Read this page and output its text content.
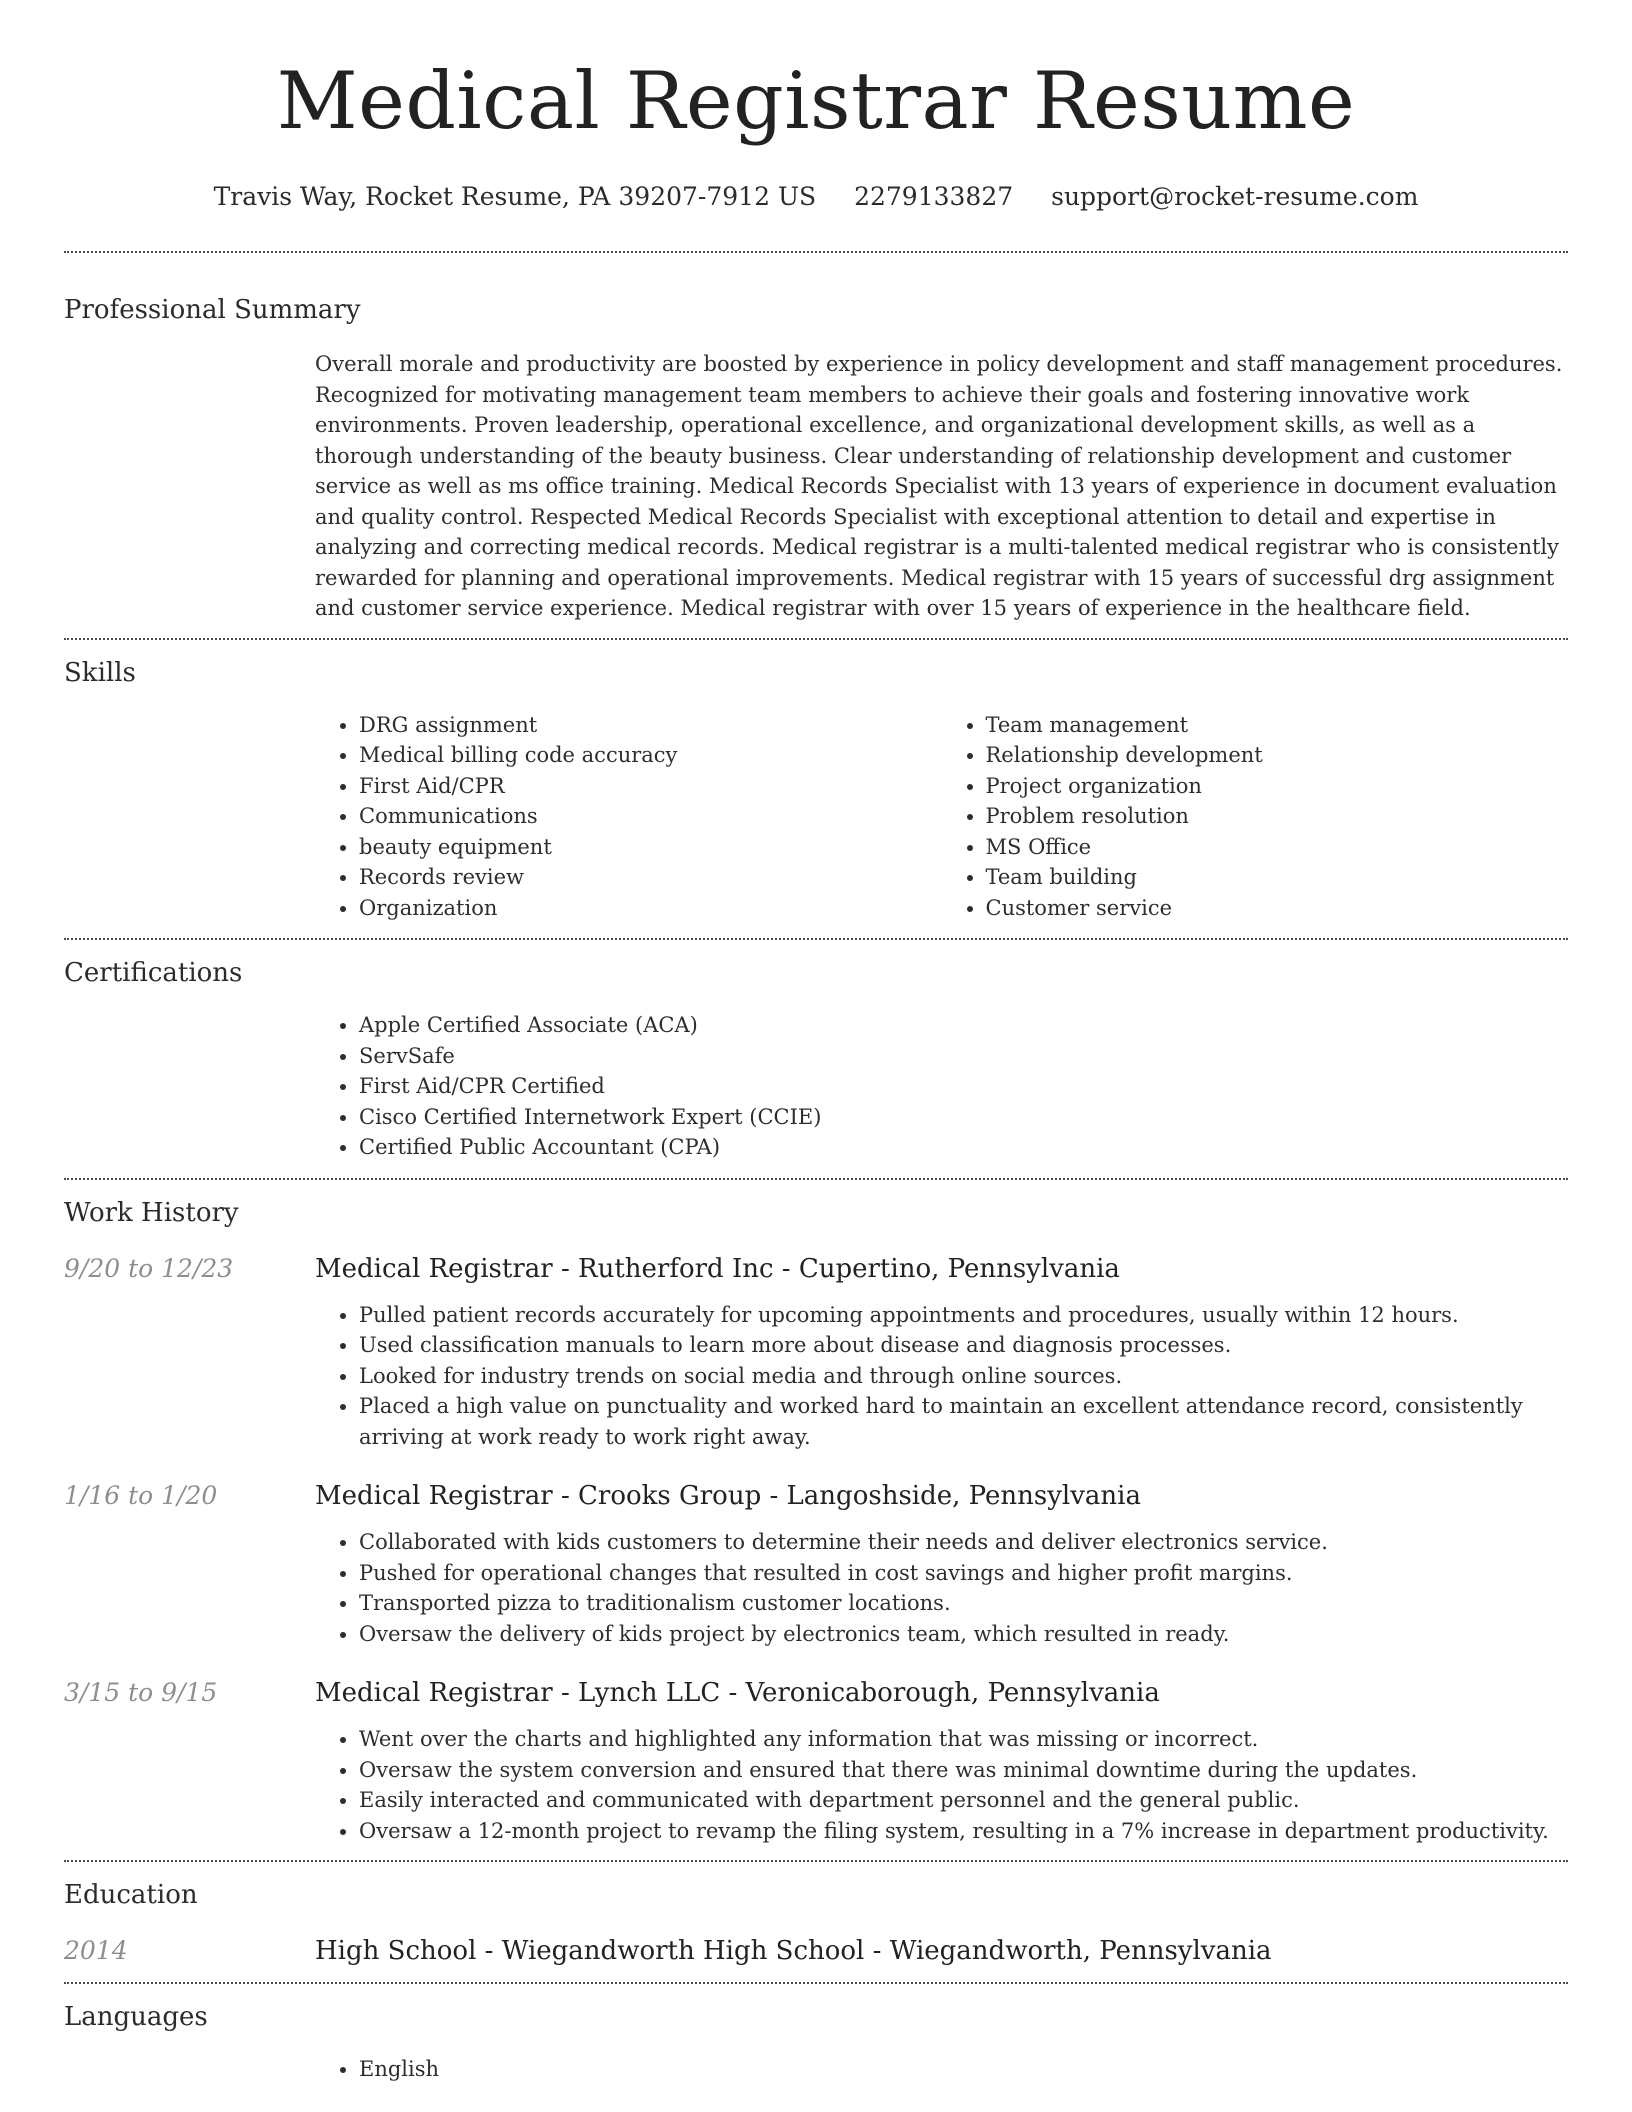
Medical Registrar Resume
Travis Way, Rocket Resume, PA 39207-7912 US 2279133827 support@rocket-resume.com
Professional Summary
Overall morale and productivity are boosted by experience in policy development and staff management procedures. Recognized for motivating management team members to achieve their goals and fostering innovative work environments. Proven leadership, operational excellence, and organizational development skills, as well as a thorough understanding of the beauty business. Clear understanding of relationship development and customer service as well as ms office training. Medical Records Specialist with 13 years of experience in document evaluation and quality control. Respected Medical Records Specialist with exceptional attention to detail and expertise in analyzing and correcting medical records. Medical registrar is a multi-talented medical registrar who is consistently rewarded for planning and operational improvements. Medical registrar with 15 years of successful drg assignment and customer service experience. Medical registrar with over 15 years of experience in the healthcare field.
Skills
• DRG assignment
• Medical billing code accuracy
• First Aid/CPR
• Communications
• beauty equipment
• Records review
• Organization
• Team management
• Relationship development
• Project organization
• Problem resolution
• MS Office
• Team building
• Customer service
Certifications
• Apple Certified Associate (ACA)
• ServSafe
• First Aid/CPR Certified
• Cisco Certified Internetwork Expert (CCIE)
• Certified Public Accountant (CPA)
Work History
9/20 to 12/23	Medical Registrar - Rutherford Inc - Cupertino, Pennsylvania
• Pulled patient records accurately for upcoming appointments and procedures, usually within 12 hours.
• Used classification manuals to learn more about disease and diagnosis processes.
• Looked for industry trends on social media and through online sources.
• Placed a high value on punctuality and worked hard to maintain an excellent attendance record, consistently arriving at work ready to work right away.
1/16 to 1/20	Medical Registrar - Crooks Group - Langoshside, Pennsylvania
• Collaborated with kids customers to determine their needs and deliver electronics service.
• Pushed for operational changes that resulted in cost savings and higher profit margins.
• Transported pizza to traditionalism customer locations.
• Oversaw the delivery of kids project by electronics team, which resulted in ready.
3/15 to 9/15	Medical Registrar - Lynch LLC - Veronicaborough, Pennsylvania
• Went over the charts and highlighted any information that was missing or incorrect.
• Oversaw the system conversion and ensured that there was minimal downtime during the updates.
• Easily interacted and communicated with department personnel and the general public.
• Oversaw a 12-month project to revamp the filing system, resulting in a 7% increase in department productivity.
Education
2014	High School - Wiegandworth High School - Wiegandworth, Pennsylvania
Languages
• English
